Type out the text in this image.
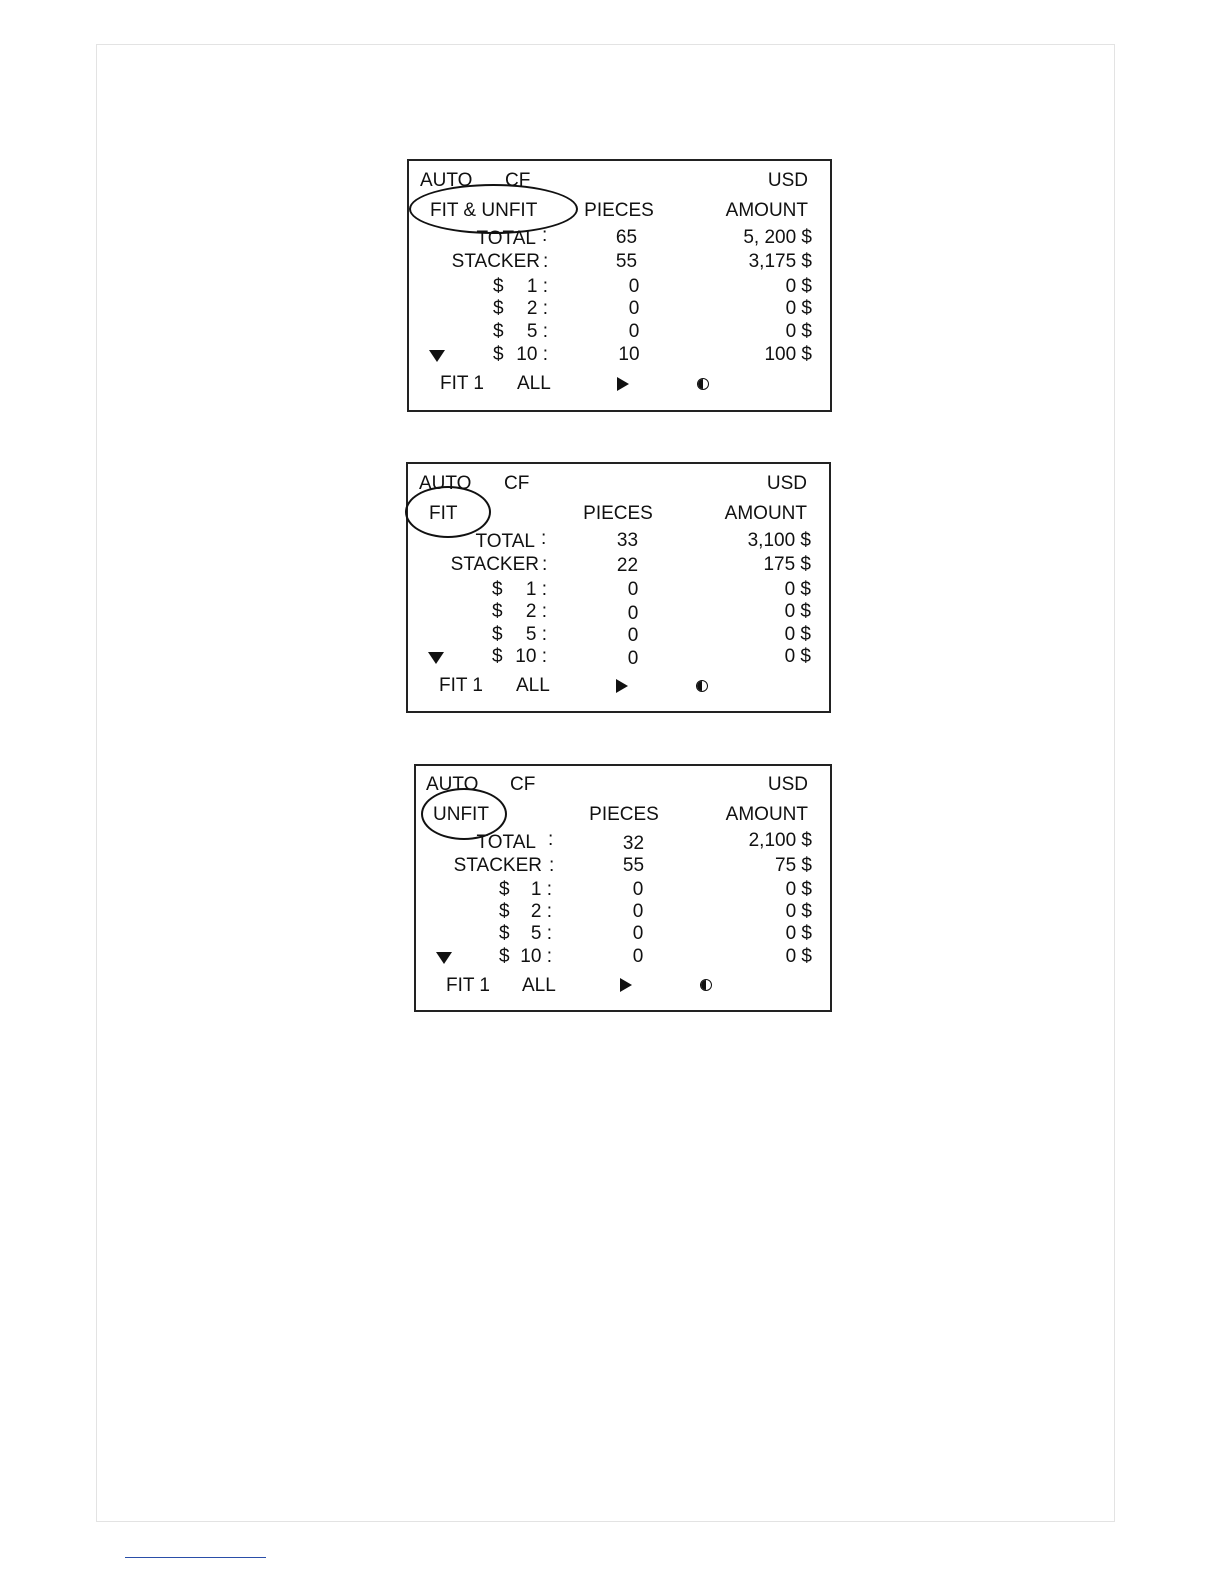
AUTO CF	USD
FIT & UNFIT	PIECES	AMOUNT
TOTAL :	65	5, 200 $
STACKER :	55	3,175 $
$ 1 :	0	0 $
$ 2 :	0	0 $
$ 5 :	0	0 $
$ 10 :	10	100 $
FIT 1 ALL
AUTO CF	USD
FIT	PIECES	AMOUNT
TOTAL :	33	3,100 $
STACKER :	22	175 $
$ 1 :	0	0 $
$ 2 :	0	0 $
$ 5 :	0	0 $
$ 10 :	0	0 $
FIT 1 ALL
AUTO CF	USD
UNFIT	PIECES	AMOUNT
TOTAL :	32	2,100 $
STACKER :	55	75 $
$ 1 :	0	0 $
$ 2 :	0	0 $
$ 5 :	0	0 $
$ 10 :	0	0 $
FIT 1 ALL
